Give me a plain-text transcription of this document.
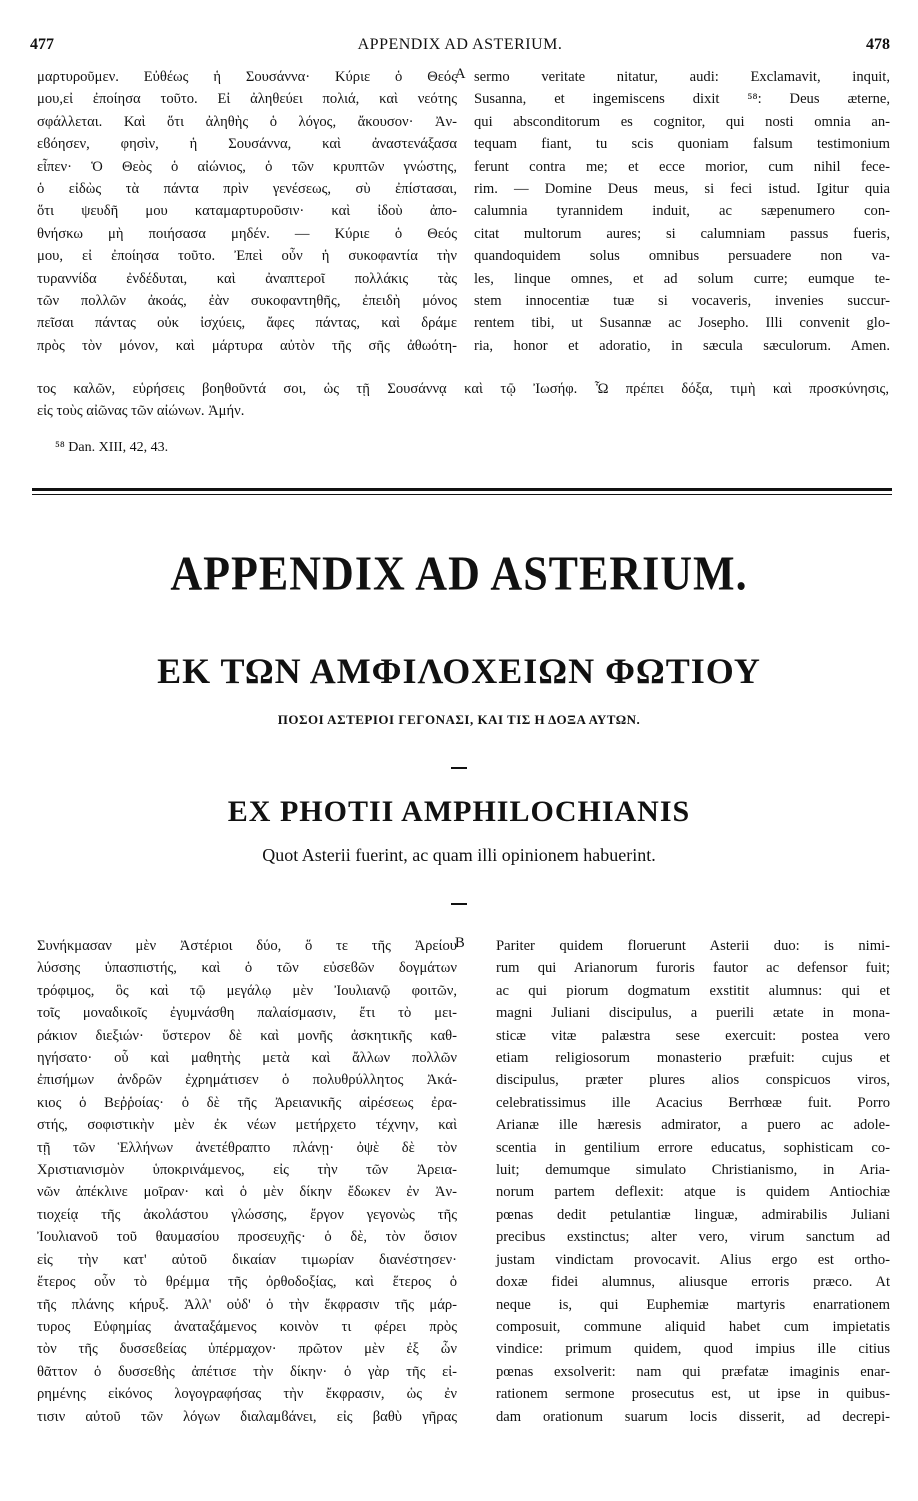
477	APPENDIX AD ASTERIUM.	478
μαρτυροῦμεν. Εὐθέως ἡ Σουσάννα· Κύριε ὁ Θεός
μου,εἰ ἐποίησα τοῦτο. Εἰ ἀληθεύει πολιά, καὶ νεότης
σφάλλεται. Καὶ ὅτι ἀληθὴς ὁ λόγος, ἄκουσον· Ἀν-
εϐόησεν, φησὶν, ἡ Σουσάννα, καὶ ἀναστενάξασα
εἶπεν· Ὁ Θεὸς ὁ αἰώνιος, ὁ τῶν κρυπτῶν γνώστης,
ὁ εἰδὼς τὰ πάντα πρὶν γενέσεως, σὺ ἐπίστασαι,
ὅτι ψευδῆ μου καταμαρτυροῦσιν· καὶ ἰδοὺ ἀπο-
θνήσκω μὴ ποιήσασα μηδέν. — Κύριε ὁ Θεός
μου, εἰ ἐποίησα τοῦτο. Ἐπεὶ οὖν ἡ συκοφαντία τὴν
τυραννίδα ἐνδέδυται, καὶ ἀναπτεροῖ πολλάκις τὰς
τῶν πολλῶν ἀκοάς, ἐὰν συκοφαντηθῆς, ἐπειδὴ μόνος
πεῖσαι πάντας οὐκ ἰσχύεις, ἄφες πάντας, καὶ δράμε
πρὸς τὸν μόνον, καὶ μάρτυρα αὐτὸν τῆς σῆς ἀθωότη-
A sermo veritate nitatur, audi: Exclamavit, inquit,
Susanna, et ingemiscens dixit ⁵⁸: Deus æterne,
qui absconditorum es cognitor, qui nosti omnia an-
tequam fiant, tu scis quoniam falsum testimonium
ferunt contra me; et ecce morior, cum nihil fece-
rim. — Domine Deus meus, si feci istud. Igitur quia
calumnia tyrannidem induit, ac sæpenumero con-
citat multorum aures; si calumniam passus fueris,
quandoquidem solus omnibus persuadere non va-
les, linque omnes, et ad solum curre; eumque te-
stem innocentiæ tuæ si vocaveris, invenies succur-
rentem tibi, ut Susannæ ac Josepho. Illi convenit glo-
ria, honor et adoratio, in sæcula sæculorum. Amen.
τος καλῶν, εὑρήσεις βοηθοῦντά σοι, ὡς τῇ Σουσάννᾳ καὶ τῷ Ἰωσήφ. Ὧ πρέπει δόξα, τιμὴ καὶ προσκύνησις,
εἰς τοὺς αἰῶνας τῶν αἰώνων. Ἀμήν.
⁵⁸ Dan. XIII, 42, 43.
APPENDIX AD ASTERIUM.
ΕΚ ΤΩΝ ΑΜΦΙΛΟΧΕΙΩΝ ΦΩΤΙΟΥ
ΠΟΣΟΙ ΑΣΤΕΡΙΟΙ ΓΕΓΟΝΑΣΙ, ΚΑΙ ΤΙΣ Η ΔΟΞΑ ΑΥΤΩΝ.
EX PHOTII AMPHILOCHIANIS
Quot Asterii fuerint, ac quam illi opinionem habuerint.
Συνήκμασαν μὲν Ἀστέριοι δύο, ὅ τε τῆς Ἀρείου
λύσσης ὑπασπιστής, καὶ ὁ τῶν εὐσεϐῶν δογμάτων
τρόφιμος, ὃς καὶ τῷ μεγάλῳ μὲν Ἰουλιανῷ φοιτῶν,
τοῖς μοναδικοῖς ἐγυμνάσθη παλαίσμασιν, ἔτι τὸ μει-
ράκιον διεξιών· ὕστερον δὲ καὶ μονῆς ἀσκητικῆς καθ-
ηγήσατο· οὗ καὶ μαθητὴς μετὰ καὶ ἄλλων πολλῶν
ἐπισήμων ἀνδρῶν ἐχρημάτισεν ὁ πολυθρύλλητος Ἀκά-
κιος ὁ Βεῤῥοίας· ὁ δὲ τῆς Ἀρειανικῆς αἱρέσεως ἐρα-
στής, σοφιστικὴν μὲν ἐκ νέων μετήρχετο τέχνην, καὶ
τῇ τῶν Ἑλλήνων ἀνετέθραπτο πλάνῃ· ὀψὲ δὲ τὸν
Χριστιανισμὸν ὑποκρινάμενος, εἰς τὴν τῶν Ἀρεια-
νῶν ἀπέκλινε μοῖραν· καὶ ὁ μὲν δίκην ἔδωκεν ἐν Ἀν-
τιοχείᾳ τῆς ἀκολάστου γλώσσης, ἔργον γεγονὼς τῆς
Ἰουλιανοῦ τοῦ θαυμασίου προσευχῆς· ὁ δὲ, τὸν ὅσιον
εἰς τὴν κατ' αὐτοῦ δικαίαν τιμωρίαν διανέστησεν·
ἕτερος οὖν τὸ θρέμμα τῆς ὀρθοδοξίας, καὶ ἕτερος ὁ
τῆς πλάνης κήρυξ. Ἀλλ' οὐδ' ὁ τὴν ἔκφρασιν τῆς μάρ-
τυρος Εὐφημίας ἀναταξάμενος κοινὸν τι φέρει πρὸς
τὸν τῆς δυσσεϐείας ὑπέρμαχον· πρῶτον μὲν ἐξ ὧν
θᾶττον ὁ δυσσεϐὴς ἀπέτισε τὴν δίκην· ὁ γὰρ τῆς εἰ-
ρημένης εἰκόνος λογογραφήσας τὴν ἔκφρασιν, ὡς ἐν
τισιν αὐτοῦ τῶν λόγων διαλαμϐάνει, εἰς βαθὺ γῆρας
B Pariter quidem floruerunt Asterii duo: is nimi-
rum qui Arianorum furoris fautor ac defensor fuit;
ac qui piorum dogmatum exstitit alumnus: qui et
magni Juliani discipulus, a puerili ætate in mona-
sticæ vitæ palæstra sese exercuit: postea vero
etiam religiosorum monasterio præfuit: cujus et
discipulus, præter plures alios conspicuos viros,
celebratissimus ille Acacius Berrhœæ fuit. Porro
Arianæ ille hæresis admirator, a puero ac adole-
scentia in gentilium errore educatus, sophisticam co-
luit; demumque simulato Christianismo, in Aria-
norum partem deflexit: atque is quidem Antiochiæ
pœnas dedit petulantiæ linguæ, admirabilis Juliani
precibus exstinctus; alter vero, virum sanctum ad
justam vindictam provocavit. Alius ergo est ortho-
doxæ fidei alumnus, aliusque erroris præco. At
neque is, qui Euphemiæ martyris enarrationem
composuit, commune aliquid habet cum impietatis
vindice: primum quidem, quod impius ille citius
pœnas exsolverit: nam qui præfatæ imaginis enar-
rationem sermone prosecutus est, ut ipse in quibus-
dam orationum suarum locis disserit, ad decrepi-
